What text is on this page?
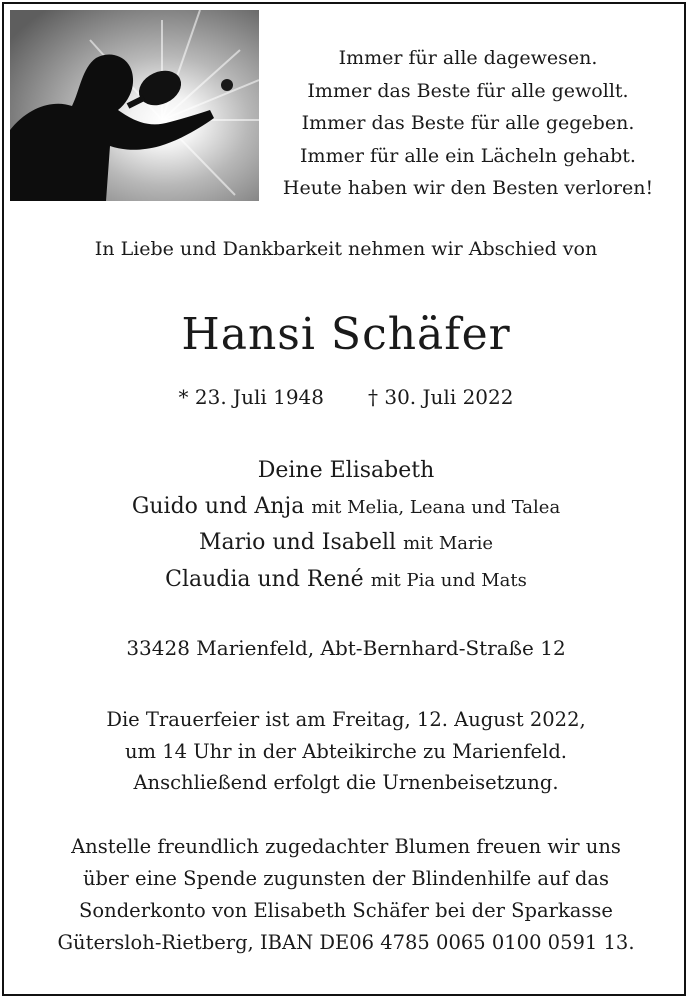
Immer für alle dagewesen.
Immer das Beste für alle gewollt.
Immer das Beste für alle gegeben.
Immer für alle ein Lächeln gehabt.
Heute haben wir den Besten verloren!
In Liebe und Dankbarkeit nehmen wir Abschied von
Hansi Schäfer
* 23. Juli 1948 † 30. Juli 2022
Deine Elisabeth
Guido und Anja mit Melia, Leana und Talea
Mario und Isabell mit Marie
Claudia und René mit Pia und Mats
33428 Marienfeld, Abt-Bernhard-Straße 12
Die Trauerfeier ist am Freitag, 12. August 2022,
um 14 Uhr in der Abteikirche zu Marienfeld.
Anschließend erfolgt die Urnenbeisetzung.
Anstelle freundlich zugedachter Blumen freuen wir uns
über eine Spende zugunsten der Blindenhilfe auf das
Sonderkonto von Elisabeth Schäfer bei der Sparkasse
Gütersloh-Rietberg, IBAN DE06 4785 0065 0100 0591 13.
